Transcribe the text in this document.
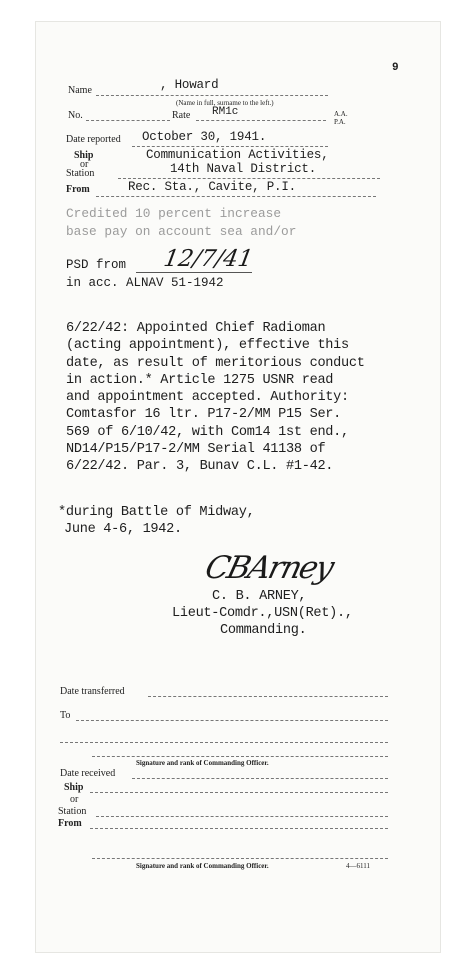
9
Name	, Howard
(Name in full, surname to the left.)
No.	Rate RM1c	A.A.
P.A.
Date reported October 30, 1941.
Ship
or
Station
Communication Activities,
14th Naval District.
From	Rec. Sta., Cavite, P.I.
Credited 10 percent increase
base pay on account sea and/or
PSD from 12/7/41
in acc. ALNAV 51-1942
6/22/42: Appointed Chief Radioman
(acting appointment), effective this
date, as result of meritorious conduct
in action.* Article 1275 USNR read
and appointment accepted. Authority:
Comtasfor 16 ltr. P17-2/MM P15 Ser.
569 of 6/10/42, with Com14 1st end.,
ND14/P15/P17-2/MM Serial 41138 of
6/22/42. Par. 3, Bunav C.L. #1-42.
*during Battle of Midway,
June 4-6, 1942.
CBArney
C. B. ARNEY,
Lieut-Comdr.,USN(Ret).,
Commanding.
Date transferred
To
Signature and rank of Commanding Officer.
Date received
Ship
or
Station
From
Signature and rank of Commanding Officer.	4—6111
